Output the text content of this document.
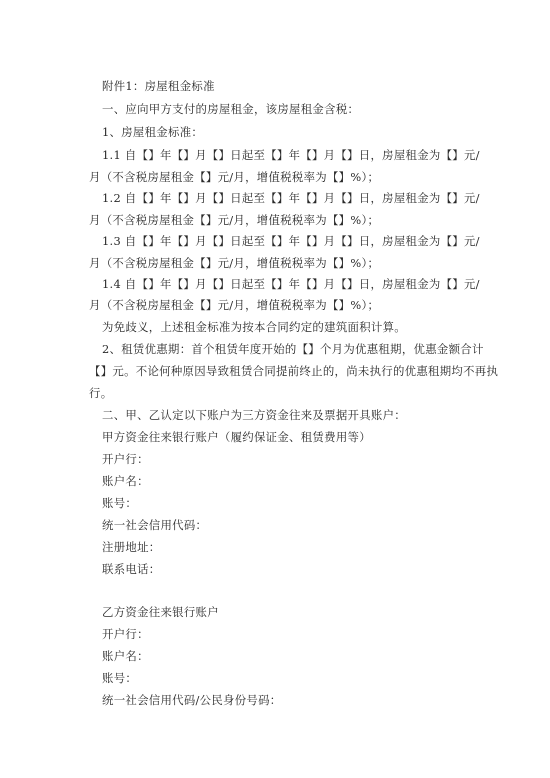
附件1：房屋租金标准
一、应向甲方支付的房屋租金，该房屋租金含税：
1、房屋租金标准：
1.1 自【】年【】月【】日起至【】年【】月【】日，房屋租金为【】元/
月（不含税房屋租金【】元/月，增值税税率为【】%）；
1.2 自【】年【】月【】日起至【】年【】月【】日，房屋租金为【】元/
月（不含税房屋租金【】元/月，增值税税率为【】%）；
1.3 自【】年【】月【】日起至【】年【】月【】日，房屋租金为【】元/
月（不含税房屋租金【】元/月，增值税税率为【】%）；
1.4 自【】年【】月【】日起至【】年【】月【】日，房屋租金为【】元/
月（不含税房屋租金【】元/月，增值税税率为【】%）；
为免歧义，上述租金标准为按本合同约定的建筑面积计算。
2、租赁优惠期：首个租赁年度开始的【】个月为优惠租期，优惠金额合计
【】元。不论何种原因导致租赁合同提前终止的，尚未执行的优惠租期均不再执
行。
二、甲、乙认定以下账户为三方资金往来及票据开具账户：
甲方资金往来银行账户（履约保证金、租赁费用等）
开户行：
账户名：
账号：
统一社会信用代码：
注册地址：
联系电话：
乙方资金往来银行账户
开户行：
账户名：
账号：
统一社会信用代码/公民身份号码：
